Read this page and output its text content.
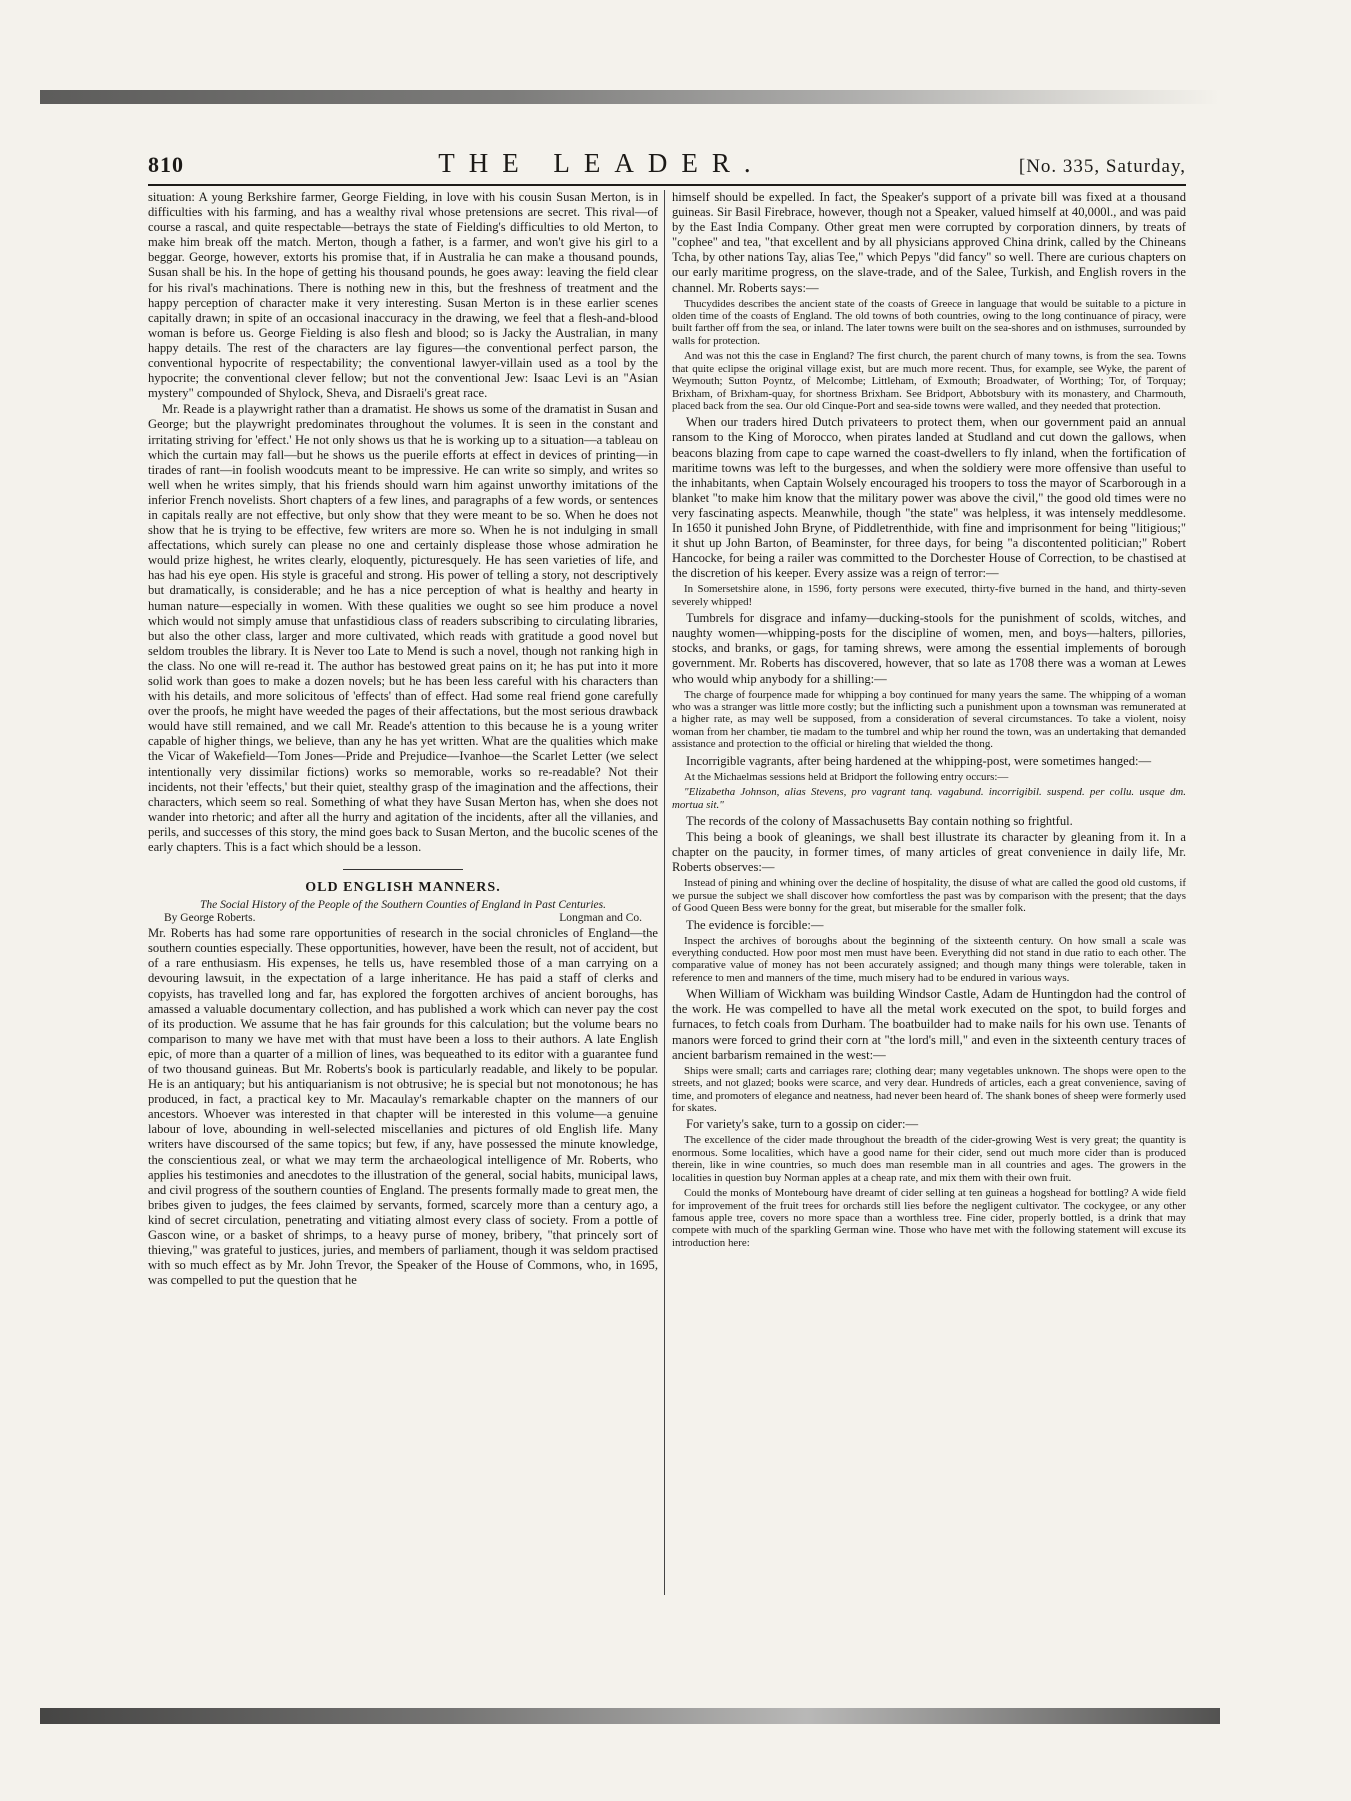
810	THE LEADER.	[No. 335, Saturday,

situation: A young Berkshire farmer, George Fielding, in love with his cousin Susan Merton, is in difficulties with his farming, and has a wealthy rival whose pretensions are secret. This rival—of course a rascal, and quite respectable—betrays the state of Fielding's difficulties to old Merton, to make him break off the match. Merton, though a father, is a farmer, and won't give his girl to a beggar. George, however, extorts his promise that, if in Australia he can make a thousand pounds, Susan shall be his. In the hope of getting his thousand pounds, he goes away: leaving the field clear for his rival's machinations. There is nothing new in this, but the freshness of treatment and the happy perception of character make it very interesting. Susan Merton is in these earlier scenes capitally drawn; in spite of an occasional inaccuracy in the drawing, we feel that a flesh-and-blood woman is before us. George Fielding is also flesh and blood; so is Jacky the Australian, in many happy details. The rest of the characters are lay figures—the conventional perfect parson, the conventional hypocrite of respectability; the conventional lawyer-villain used as a tool by the hypocrite; the conventional clever fellow; but not the conventional Jew: Isaac Levi is an "Asian mystery" compounded of Shylock, Sheva, and Disraeli's great race.

Mr. Reade is a playwright rather than a dramatist. He shows us some of the dramatist in Susan and George; but the playwright predominates throughout the volumes. It is seen in the constant and irritating striving for 'effect.' He not only shows us that he is working up to a situation—a tableau on which the curtain may fall—but he shows us the puerile efforts at effect in devices of printing—in tirades of rant—in foolish woodcuts meant to be impressive. He can write so simply, and writes so well when he writes simply, that his friends should warn him against unworthy imitations of the inferior French novelists. Short chapters of a few lines, and paragraphs of a few words, or sentences in capitals really are not effective, but only show that they were meant to be so. When he does not show that he is trying to be effective, few writers are more so. When he is not indulging in small affectations, which surely can please no one and certainly displease those whose admiration he would prize highest, he writes clearly, eloquently, picturesquely. He has seen varieties of life, and has had his eye open. His style is graceful and strong. His power of telling a story, not descriptively but dramatically, is considerable; and he has a nice perception of what is healthy and hearty in human nature—especially in women. With these qualities we ought so see him produce a novel which would not simply amuse that unfastidious class of readers subscribing to circulating libraries, but also the other class, larger and more cultivated, which reads with gratitude a good novel but seldom troubles the library. It is Never too Late to Mend is such a novel, though not ranking high in the class. No one will re-read it. The author has bestowed great pains on it; he has put into it more solid work than goes to make a dozen novels; but he has been less careful with his characters than with his details, and more solicitous of 'effects' than of effect. Had some real friend gone carefully over the proofs, he might have weeded the pages of their affectations, but the most serious drawback would have still remained, and we call Mr. Reade's attention to this because he is a young writer capable of higher things, we believe, than any he has yet written. What are the qualities which make the Vicar of Wakefield—Tom Jones—Pride and Prejudice—Ivanhoe—the Scarlet Letter (we select intentionally very dissimilar fictions) works so memorable, works so re-readable? Not their incidents, not their 'effects,' but their quiet, stealthy grasp of the imagination and the affections, their characters, which seem so real. Something of what they have Susan Merton has, when she does not wander into rhetoric; and after all the hurry and agitation of the incidents, after all the villanies, and perils, and successes of this story, the mind goes back to Susan Merton, and the bucolic scenes of the early chapters. This is a fact which should be a lesson.

OLD ENGLISH MANNERS.

The Social History of the People of the Southern Counties of England in Past Centuries.

By George Roberts.	Longman and Co.

Mr. Roberts has had some rare opportunities of research in the social chronicles of England—the southern counties especially. These opportunities, however, have been the result, not of accident, but of a rare enthusiasm. His expenses, he tells us, have resembled those of a man carrying on a devouring lawsuit, in the expectation of a large inheritance. He has paid a staff of clerks and copyists, has travelled long and far, has explored the forgotten archives of ancient boroughs, has amassed a valuable documentary collection, and has published a work which can never pay the cost of its production. We assume that he has fair grounds for this calculation; but the volume bears no comparison to many we have met with that must have been a loss to their authors. A late English epic, of more than a quarter of a million of lines, was bequeathed to its editor with a guarantee fund of two thousand guineas. But Mr. Roberts's book is particularly readable, and likely to be popular. He is an antiquary; but his antiquarianism is not obtrusive; he is special but not monotonous; he has produced, in fact, a practical key to Mr. Macaulay's remarkable chapter on the manners of our ancestors. Whoever was interested in that chapter will be interested in this volume—a genuine labour of love, abounding in well-selected miscellanies and pictures of old English life. Many writers have discoursed of the same topics; but few, if any, have possessed the minute knowledge, the conscientious zeal, or what we may term the archaeological intelligence of Mr. Roberts, who applies his testimonies and anecdotes to the illustration of the general, social habits, municipal laws, and civil progress of the southern counties of England. The presents formally made to great men, the bribes given to judges, the fees claimed by servants, formed, scarcely more than a century ago, a kind of secret circulation, penetrating and vitiating almost every class of society. From a pottle of Gascon wine, or a basket of shrimps, to a heavy purse of money, bribery, "that princely sort of thieving," was grateful to justices, juries, and members of parliament, though it was seldom practised with so much effect as by Mr. John Trevor, the Speaker of the House of Commons, who, in 1695, was compelled to put the question that he

himself should be expelled. In fact, the Speaker's support of a private bill was fixed at a thousand guineas. Sir Basil Firebrace, however, though not a Speaker, valued himself at 40,000l., and was paid by the East India Company. Other great men were corrupted by corporation dinners, by treats of "cophee" and tea, "that excellent and by all physicians approved China drink, called by the Chineans Tcha, by other nations Tay, alias Tee," which Pepys "did fancy" so well. There are curious chapters on our early maritime progress, on the slave-trade, and of the Salee, Turkish, and English rovers in the channel. Mr. Roberts says:—

Thucydides describes the ancient state of the coasts of Greece in language that would be suitable to a picture in olden time of the coasts of England. The old towns of both countries, owing to the long continuance of piracy, were built farther off from the sea, or inland. The later towns were built on the sea-shores and on isthmuses, surrounded by walls for protection.

And was not this the case in England? The first church, the parent church of many towns, is from the sea. Towns that quite eclipse the original village exist, but are much more recent. Thus, for example, see Wyke, the parent of Weymouth; Sutton Poyntz, of Melcombe; Littleham, of Exmouth; Broadwater, of Worthing; Tor, of Torquay; Brixham, of Brixham-quay, for shortness Brixham. See Bridport, Abbotsbury with its monastery, and Charmouth, placed back from the sea. Our old Cinque-Port and sea-side towns were walled, and they needed that protection.

When our traders hired Dutch privateers to protect them, when our government paid an annual ransom to the King of Morocco, when pirates landed at Studland and cut down the gallows, when beacons blazing from cape to cape warned the coast-dwellers to fly inland, when the fortification of maritime towns was left to the burgesses, and when the soldiery were more offensive than useful to the inhabitants, when Captain Wolsely encouraged his troopers to toss the mayor of Scarborough in a blanket "to make him know that the military power was above the civil," the good old times were no very fascinating aspects. Meanwhile, though "the state" was helpless, it was intensely meddlesome. In 1650 it punished John Bryne, of Piddletrenthide, with fine and imprisonment for being "litigious;" it shut up John Barton, of Beaminster, for three days, for being "a discontented politician;" Robert Hancocke, for being a railer was committed to the Dorchester House of Correction, to be chastised at the discretion of his keeper. Every assize was a reign of terror:—

In Somersetshire alone, in 1596, forty persons were executed, thirty-five burned in the hand, and thirty-seven severely whipped!

Tumbrels for disgrace and infamy—ducking-stools for the punishment of scolds, witches, and naughty women—whipping-posts for the discipline of women, men, and boys—halters, pillories, stocks, and branks, or gags, for taming shrews, were among the essential implements of borough government. Mr. Roberts has discovered, however, that so late as 1708 there was a woman at Lewes who would whip anybody for a shilling:—

The charge of fourpence made for whipping a boy continued for many years the same. The whipping of a woman who was a stranger was little more costly; but the inflicting such a punishment upon a townsman was remunerated at a higher rate, as may well be supposed, from a consideration of several circumstances. To take a violent, noisy woman from her chamber, tie madam to the tumbrel and whip her round the town, was an undertaking that demanded assistance and protection to the official or hireling that wielded the thong.

Incorrigible vagrants, after being hardened at the whipping-post, were sometimes hanged:—

At the Michaelmas sessions held at Bridport the following entry occurs:—

"Elizabetha Johnson, alias Stevens, pro vagrant tanq. vagabund. incorrigibil. suspend. per collu. usque dm. mortua sit."

The records of the colony of Massachusetts Bay contain nothing so frightful.

This being a book of gleanings, we shall best illustrate its character by gleaning from it. In a chapter on the paucity, in former times, of many articles of great convenience in daily life, Mr. Roberts observes:—

Instead of pining and whining over the decline of hospitality, the disuse of what are called the good old customs, if we pursue the subject we shall discover how comfortless the past was by comparison with the present; that the days of Good Queen Bess were bonny for the great, but miserable for the smaller folk.

The evidence is forcible:—

Inspect the archives of boroughs about the beginning of the sixteenth century. On how small a scale was everything conducted. How poor most men must have been. Everything did not stand in due ratio to each other. The comparative value of money has not been accurately assigned; and though many things were tolerable, taken in reference to men and manners of the time, much misery had to be endured in various ways.

When William of Wickham was building Windsor Castle, Adam de Huntingdon had the control of the work. He was compelled to have all the metal work executed on the spot, to build forges and furnaces, to fetch coals from Durham. The boatbuilder had to make nails for his own use. Tenants of manors were forced to grind their corn at "the lord's mill," and even in the sixteenth century traces of ancient barbarism remained in the west:—

Ships were small; carts and carriages rare; clothing dear; many vegetables unknown. The shops were open to the streets, and not glazed; books were scarce, and very dear. Hundreds of articles, each a great convenience, saving of time, and promoters of elegance and neatness, had never been heard of. The shank bones of sheep were formerly used for skates.

For variety's sake, turn to a gossip on cider:—

The excellence of the cider made throughout the breadth of the cider-growing West is very great; the quantity is enormous. Some localities, which have a good name for their cider, send out much more cider than is produced therein, like in wine countries, so much does man resemble man in all countries and ages. The growers in the localities in question buy Norman apples at a cheap rate, and mix them with their own fruit.

Could the monks of Montebourg have dreamt of cider selling at ten guineas a hogshead for bottling? A wide field for improvement of the fruit trees for orchards still lies before the negligent cultivator. The cockygee, or any other famous apple tree, covers no more space than a worthless tree. Fine cider, properly bottled, is a drink that may compete with much of the sparkling German wine. Those who have met with the following statement will excuse its introduction here:
